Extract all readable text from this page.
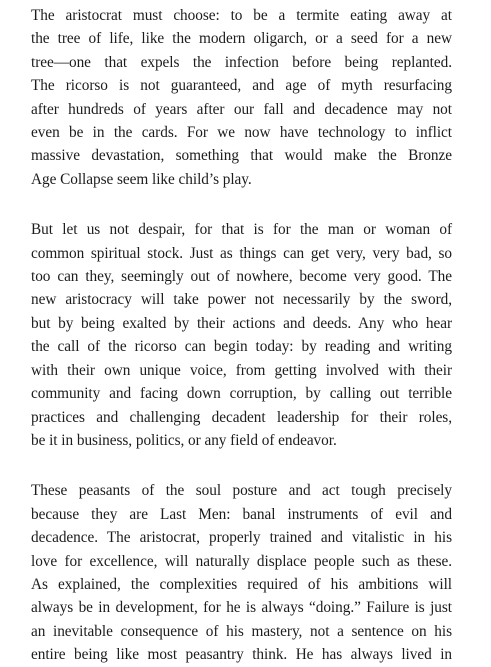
The aristocrat must choose: to be a termite eating away at
the tree of life, like the modern oligarch, or a seed for a new
tree—one that expels the infection before being replanted.
The ricorso is not guaranteed, and age of myth resurfacing
after hundreds of years after our fall and decadence may not
even be in the cards. For we now have technology to inflict
massive devastation, something that would make the Bronze
Age Collapse seem like child’s play.

But let us not despair, for that is for the man or woman of
common spiritual stock. Just as things can get very, very bad, so
too can they, seemingly out of nowhere, become very good. The
new aristocracy will take power not necessarily by the sword,
but by being exalted by their actions and deeds. Any who hear
the call of the ricorso can begin today: by reading and writing
with their own unique voice, from getting involved with their
community and facing down corruption, by calling out terrible
practices and challenging decadent leadership for their roles,
be it in business, politics, or any field of endeavor.

These peasants of the soul posture and act tough precisely
because they are Last Men: banal instruments of evil and
decadence. The aristocrat, properly trained and vitalistic in his
love for excellence, will naturally displace people such as these.
As explained, the complexities required of his ambitions will
always be in development, for he is always “doing.” Failure is just
an inevitable consequence of his mastery, not a sentence on his
entire being like most peasantry think. He has always lived in
